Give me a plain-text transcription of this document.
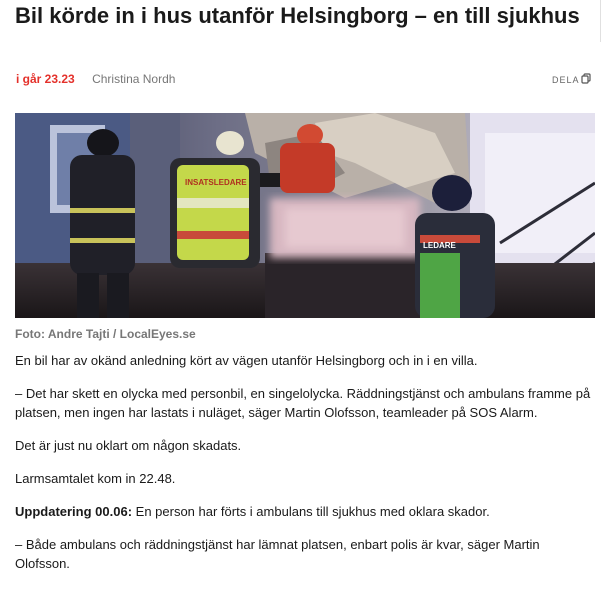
Bil körde in i hus utanför Helsingborg – en till sjukhus
i går 23.23 Christina Nordh	DELA
INSATSLEDARE
LEDARE
Foto: Andre Tajti / LocalEyes.se

En bil har av okänd anledning kört av vägen utanför Helsingborg och in i en villa.

– Det har skett en olycka med personbil, en singelolycka. Räddningstjänst och ambulans framme på platsen, men ingen har lastats i nuläget, säger Martin Olofsson, teamleader på SOS Alarm.

Det är just nu oklart om någon skadats.

Larmsamtalet kom in 22.48.

Uppdatering 00.06: En person har förts i ambulans till sjukhus med oklara skador.

– Både ambulans och räddningstjänst har lämnat platsen, enbart polis är kvar, säger Martin Olofsson.
